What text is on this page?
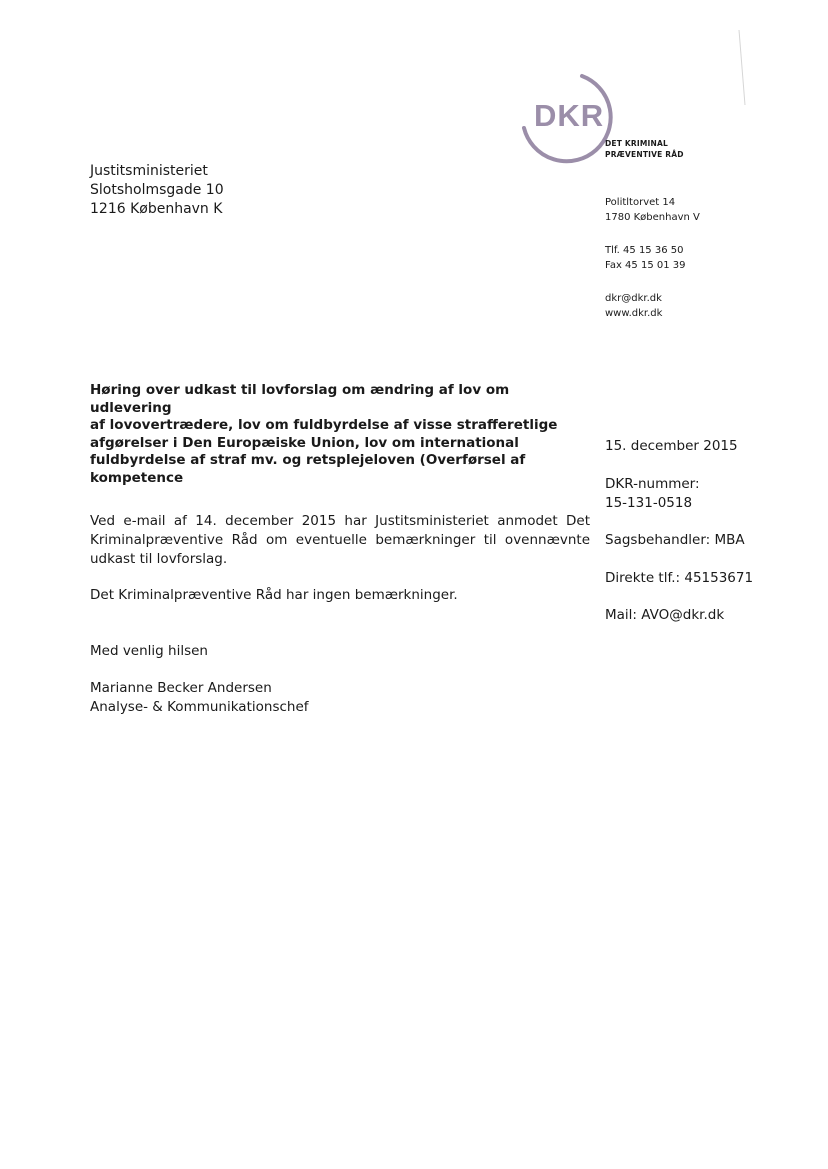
DKR
DET KRIMINAL
PRÆVENTIVE RÅD
Justitsministeriet
Slotsholmsgade 10
1216 København K	Politltorvet 14
1780 København V
Tlf. 45 15 36 50
Fax 45 15 01 39
dkr@dkr.dk
www.dkr.dk
Høring over udkast til lovforslag om ændring af lov om udlevering
af lovovertrædere, lov om fuldbyrdelse af visse strafferetlige
afgørelser i Den Europæiske Union, lov om international
fuldbyrdelse af straf mv. og retsplejeloven (Overførsel af
kompetence
15. december 2015
DKR-nummer:
15-131-0518
Sagsbehandler: MBA
Direkte tlf.: 45153671
Mail: AVO@dkr.dk
Ved e-mail af 14. december 2015 har Justitsministeriet anmodet Det
Kriminalpræventive Råd om eventuelle bemærkninger til ovennævnte
udkast til lovforslag.
Det Kriminalpræventive Råd har ingen bemærkninger.
Med venlig hilsen
Marianne Becker Andersen
Analyse- & Kommunikationschef
